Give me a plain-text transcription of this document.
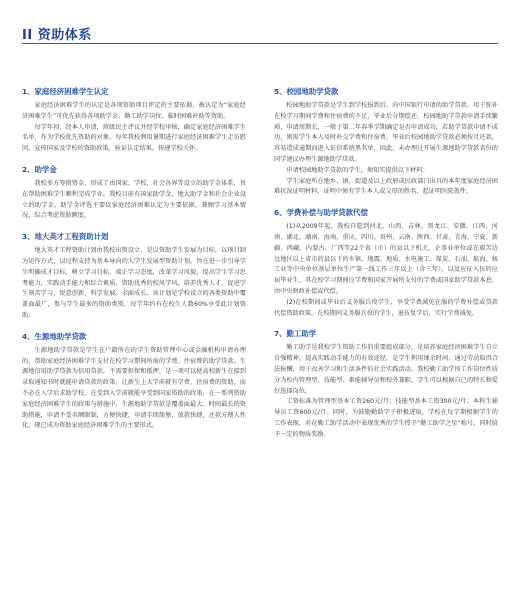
II 资助体系
1、家庭经济困难学生认定

家庭经济困难学生的认定是各项资助项目评定的主要依据，被认定为“家庭经济困难学生”可优先获得各项助学金、勤工助学岗位、临时困难补助等资助。

每学年初，经本人申请，班级民主评议并经学校审核，确定家庭经济困难学生名单，作为学校优先资助的对象。每年我校利用暑期进行家庭经济困难学生走访慰问，宣传国家及学校的资助政策，验证认定结果，传递学校关怀。

2、助学金

我校多方筹措资金，形成了由国家、学校、社会各界等设立的助学金体系，旨在帮助困难学生顺利完成学业。我校目前有国家助学金、地大助学金和社会企业设立的助学金。助学金评选主要以家庭经济困难认定为主要依据，兼顾学习基本情况，综合考虑资助额度。

3、地大英才工程资助计划

地大英才工程资助计划由我校出资设立，是以资助学生发展为目标，以项目制为运作方式，以过程支持为基本导向的大学生发展型资助计划。旨在进一步引导学生明确成才目标，树立学习目标，端正学习态度，改革学习风貌，提高学生学习思考能力，实践动手能力和综合素质，资助优秀的校风学风，培养优秀人才，促进学生刻苦学习，锐意创新，科学发展。全面成长。该计划是学校设立的各类资助中覆盖面最广，参与学生最多的资助类别，每学年约有在校生人数60%享受此计划资助。

4、生源地助学贷款

生源地助学贷款是学生在户籍所在的学生资助管理中心或金融机构申请办理的，帮助家庭经济困难学生支付在校学习期间所需的学费、住宿费的助学贷款。生源地信用助学贷款为信用贷款，不需要担保和抵押，是一项可以使高校新生在接到录取通知书时就能申请贷款的政策，让新生上大学前就有学费、住宿费的资助，而不必在入学后求助学校。在受到入学前就能享受到国家资助的政策，在一系列资助家庭经济困难学生的政策与措施中，生源地助学贷款是覆盖面最大、时间最长的资助措施，申请不受名额限制，方便快捷，申请手续简便，放款快捷，还款方便人性化，现已成为资助家庭经济困难学生的主要形式。

5、校园地助学贷款

校园地助学贷款是学生到学校报到后，向中国银行申请的助学贷款，用于弥补在校学习期间学费和住宿费的不足，毕业后分期偿还。校园地助学贷款申请手续繁琐，申请周期长，一般于第二年春季学期确定是否申请成功，若助学贷款申请不成功，则需学生本人及时补交学费和住宿费。毕业后校园地助学贷款必须按月还款，容易造成逾期而进入征信系统黑名单，因此，未办理过开展生源地助学贷款省份的同学建议办理生源地助学贷款。

申请校园地助学贷款的学生，须知实提供以下材料：

学生家庭所在地乡、镇、街道及以上政府或民政部门出具的本年度家庭经济困难状况证明材料，证明中须有学生本人或父母的姓名，起证明医院盖件。

6、学费补偿与助学贷款代偿

(1)从2009年起，我校自愿到河北、山西、吉林、黑龙江、安徽、江西、河南、湖北、湖南、海南、重庆、四川、贵州、云南、陕西、甘肃、青海、宁夏、新疆、西藏、内蒙古、广西等22个省（市）的县以下机关、企事业单位或在艰苦边远地区以上省市的县以下的乡镇、地震、地质、水电施工、煤炭、石油、航海、核工业等中央单位基层单位生产第一线工作三年以上（含三年），以及应征入伍的应届毕业生，其在校学习期间应学费和国家开展所支付的学费或国家助学贷款本息，由中央财政补偿或代偿。

(2)在校期间或毕业后义务服兵役学生，享受学费减免在服的学费补偿或贷款代偿资助政策。在校期间义务服兵役的学生，退伍复学后，实行学费减免。

7、勤工助学

勤工助学是我校学生资助工作的重要组成部分，是培养家庭经济困难学生自立自强精神，提高实践动手能力的有效途径，是学生利用课余时间，通过劳动取得合法报酬，用于改善学习和生活条件的社会实践活动。我校勤工助学按工作岗位性质分为校内管理型、技能型、素能辅导员和校外兼职，学生可以根据自己的特长和爱好选择岗位。

工资标准为管理型基本工资260元/月；技能型基本工资300元/月；本科生辅导员工资600元/月。同时，为鼓励勤助学子积极进取，学校在每学期根据学生的工作表现，对在勤工助学活动中表现优秀的学生授予“勤工助学之星”称号，同时给予一定的物质奖励。
